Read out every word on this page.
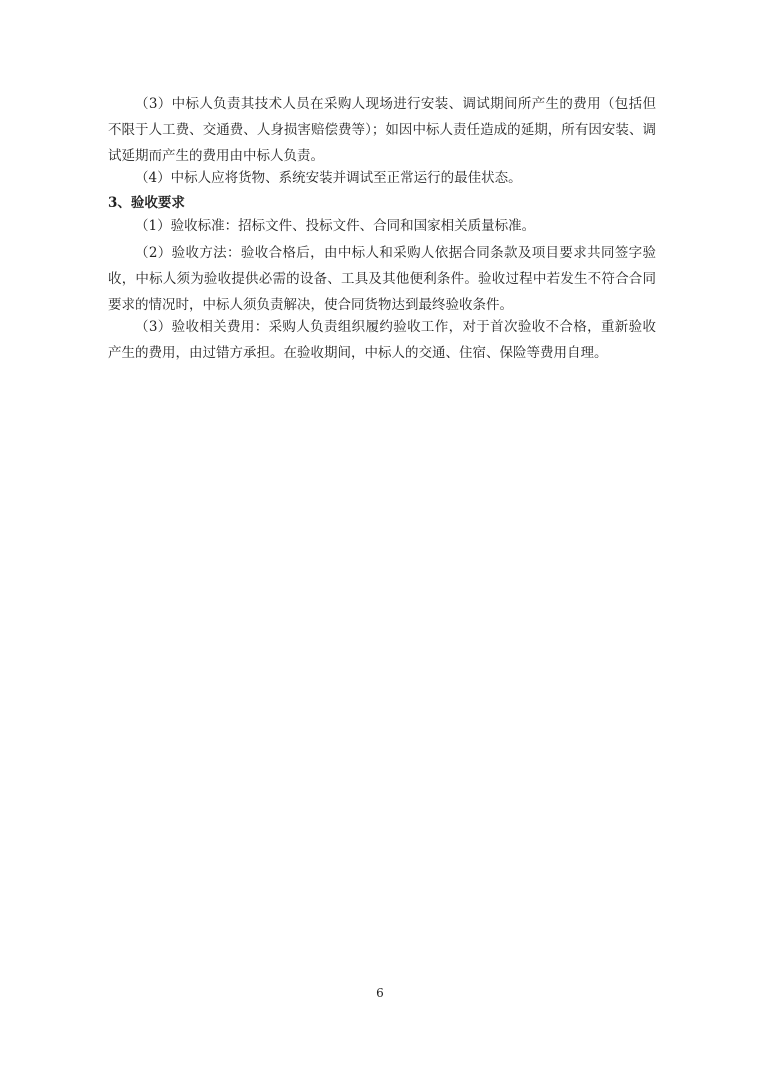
（3）中标人负责其技术人员在采购人现场进行安装、调试期间所产生的费用（包括但不限于人工费、交通费、人身损害赔偿费等）；如因中标人责任造成的延期，所有因安装、调试延期而产生的费用由中标人负责。

（4）中标人应将货物、系统安装并调试至正常运行的最佳状态。

3、验收要求

（1）验收标准：招标文件、投标文件、合同和国家相关质量标准。

（2）验收方法：验收合格后，由中标人和采购人依据合同条款及项目要求共同签字验收，中标人须为验收提供必需的设备、工具及其他便利条件。验收过程中若发生不符合合同要求的情况时，中标人须负责解决，使合同货物达到最终验收条件。

（3）验收相关费用：采购人负责组织履约验收工作，对于首次验收不合格，重新验收产生的费用，由过错方承担。在验收期间，中标人的交通、住宿、保险等费用自理。

6
